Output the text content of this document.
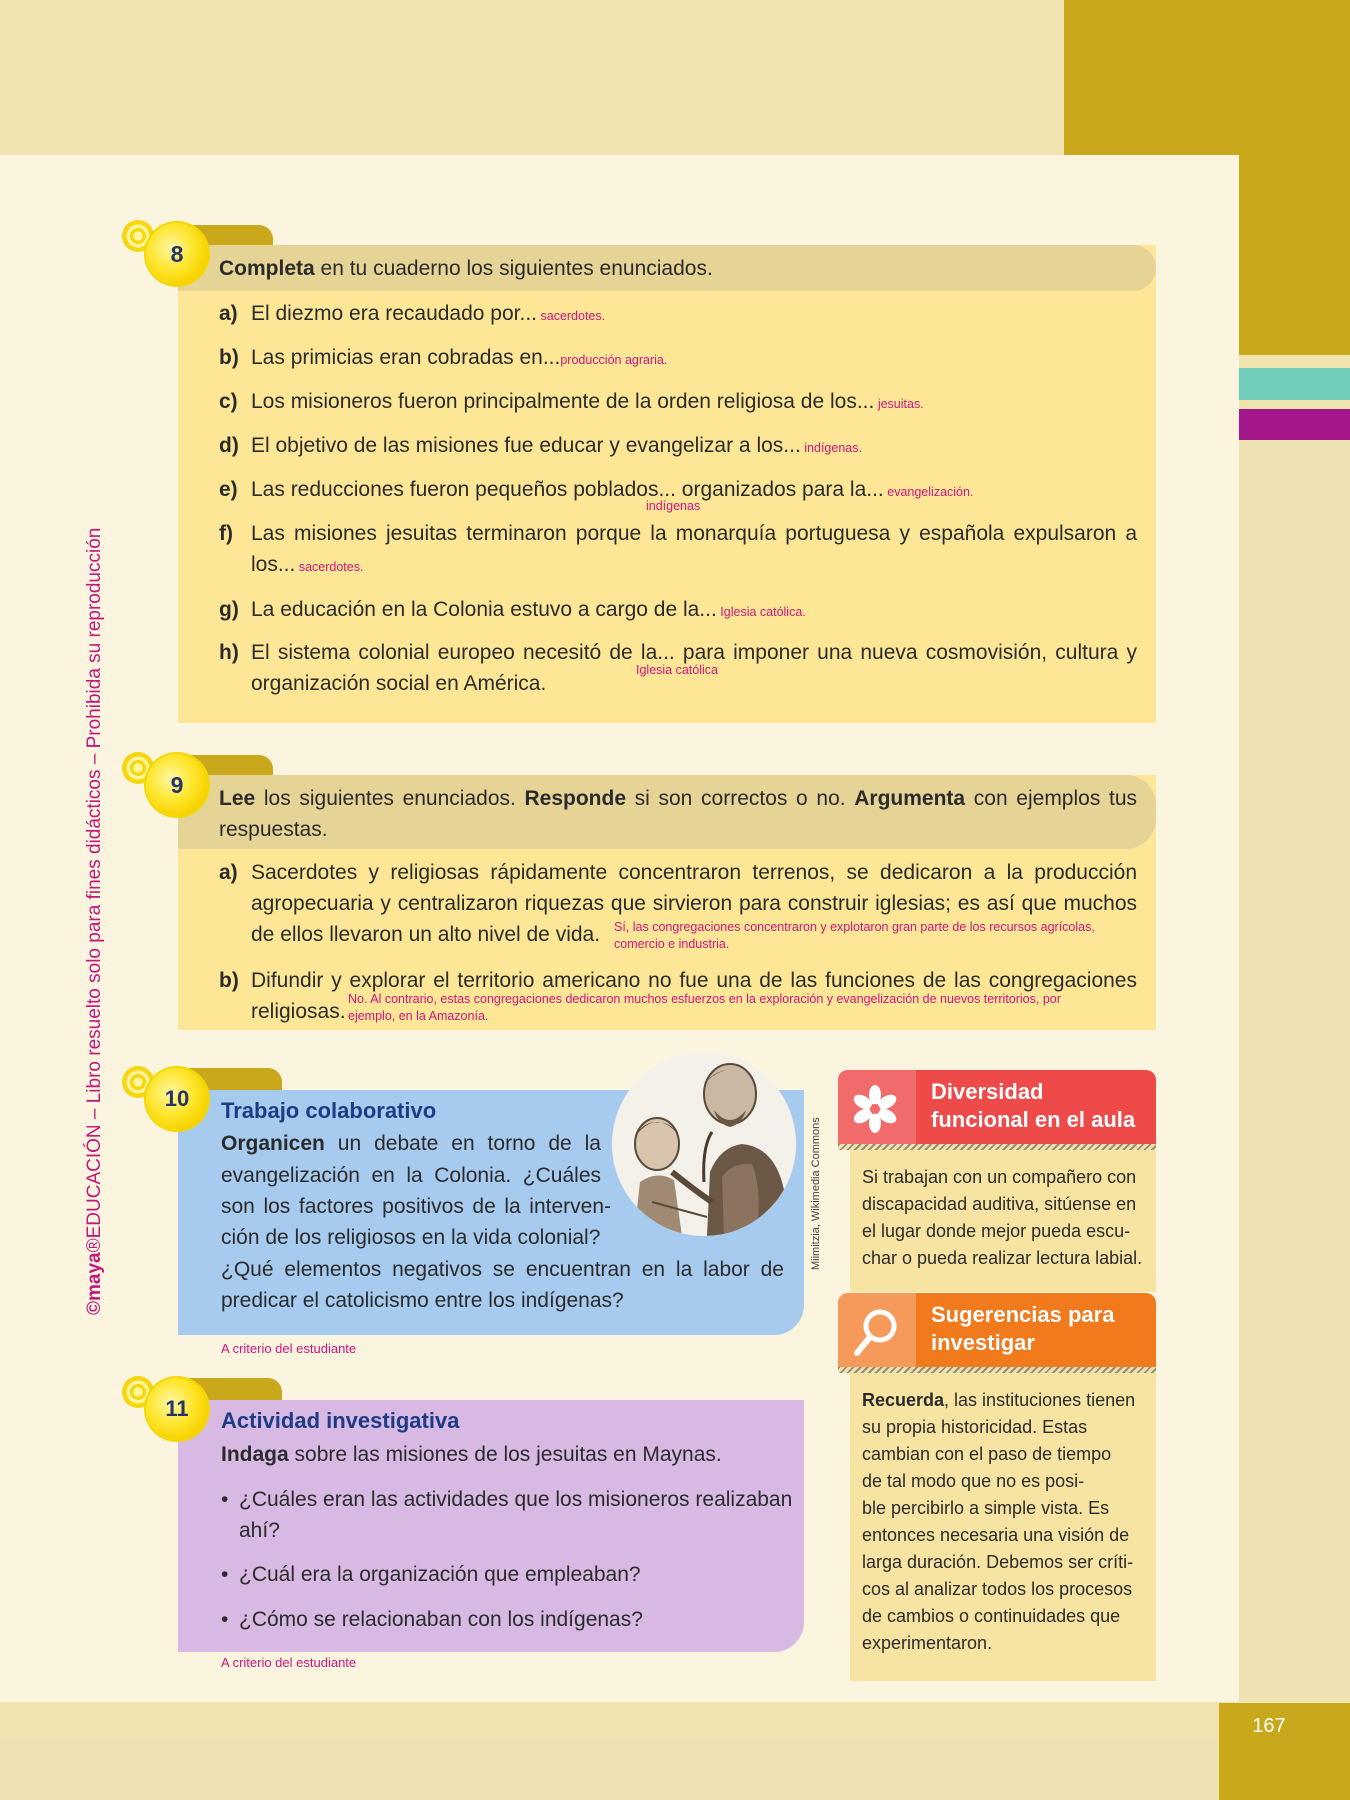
167
©maya®EDUCACIÓN – Libro resuelto solo para fines didácticos – Prohibida su reproducción
8
Completa en tu cuaderno los siguientes enunciados.
a) El diezmo era recaudado por... sacerdotes.
b) Las primicias eran cobradas en...producción agraria.
c) Los misioneros fueron principalmente de la orden religiosa de los... jesuitas.
d) El objetivo de las misiones fue educar y evangelizar a los... indígenas.
e) Las reducciones fueron pequeños poblados... organizados para la... evangelización.
indígenas
f) Las misiones jesuitas terminaron porque la monarquía portuguesa y española expulsaron a los... sacerdotes.
g) La educación en la Colonia estuvo a cargo de la... Iglesia católica.
h) El sistema colonial europeo necesitó de la... para imponer una nueva cosmovisión, cultura y organización social en América.
Iglesia católica
9
Lee los siguientes enunciados. Responde si son correctos o no. Argumenta con ejemplos tus respuestas.
a) Sacerdotes y religiosas rápidamente concentraron terrenos, se dedicaron a la producción agropecuaria y centralizaron riquezas que sirvieron para construir iglesias; es así que muchos de ellos llevaron un alto nivel de vida.	Sí, las congregaciones concentraron y explotaron gran parte de los recursos agrícolas,
comercio e industria.
b) Difundir y explorar el territorio americano no fue una de las funciones de las congregaciones religiosas.
No. Al contrario, estas congregaciones dedicaron muchos esfuerzos en la exploración y evangelización de nuevos territorios, por
ejemplo, en la Amazonía.
10	Trabajo colaborativo
Organicen un debate en torno de la
evangelización en la Colonia. ¿Cuáles
son los factores positivos de la interven-
ción de los religiosos en la vida colonial?
¿Qué elementos negativos se encuentran en la labor de
predicar el catolicismo entre los indígenas?
A criterio del estudiante
Miimitzia, Wikimedia Commons
11	Actividad investigativa
Indaga sobre las misiones de los jesuitas en Maynas.
• ¿Cuáles eran las actividades que los misioneros realizaban ahí?
• ¿Cuál era la organización que empleaban?
• ¿Cómo se relacionaban con los indígenas?
A criterio del estudiante
Diversidad
funcional en el aula
Si trabajan con un compañero con
discapacidad auditiva, sitúense en
el lugar donde mejor pueda escu-
char o pueda realizar lectura labial.
Sugerencias para
investigar
Recuerda, las instituciones tienen
su propia historicidad. Estas
cambian con el paso de tiempo
de tal modo que no es posi-
ble percibirlo a simple vista. Es
entonces necesaria una visión de
larga duración. Debemos ser críti-
cos al analizar todos los procesos
de cambios o continuidades que
experimentaron.
